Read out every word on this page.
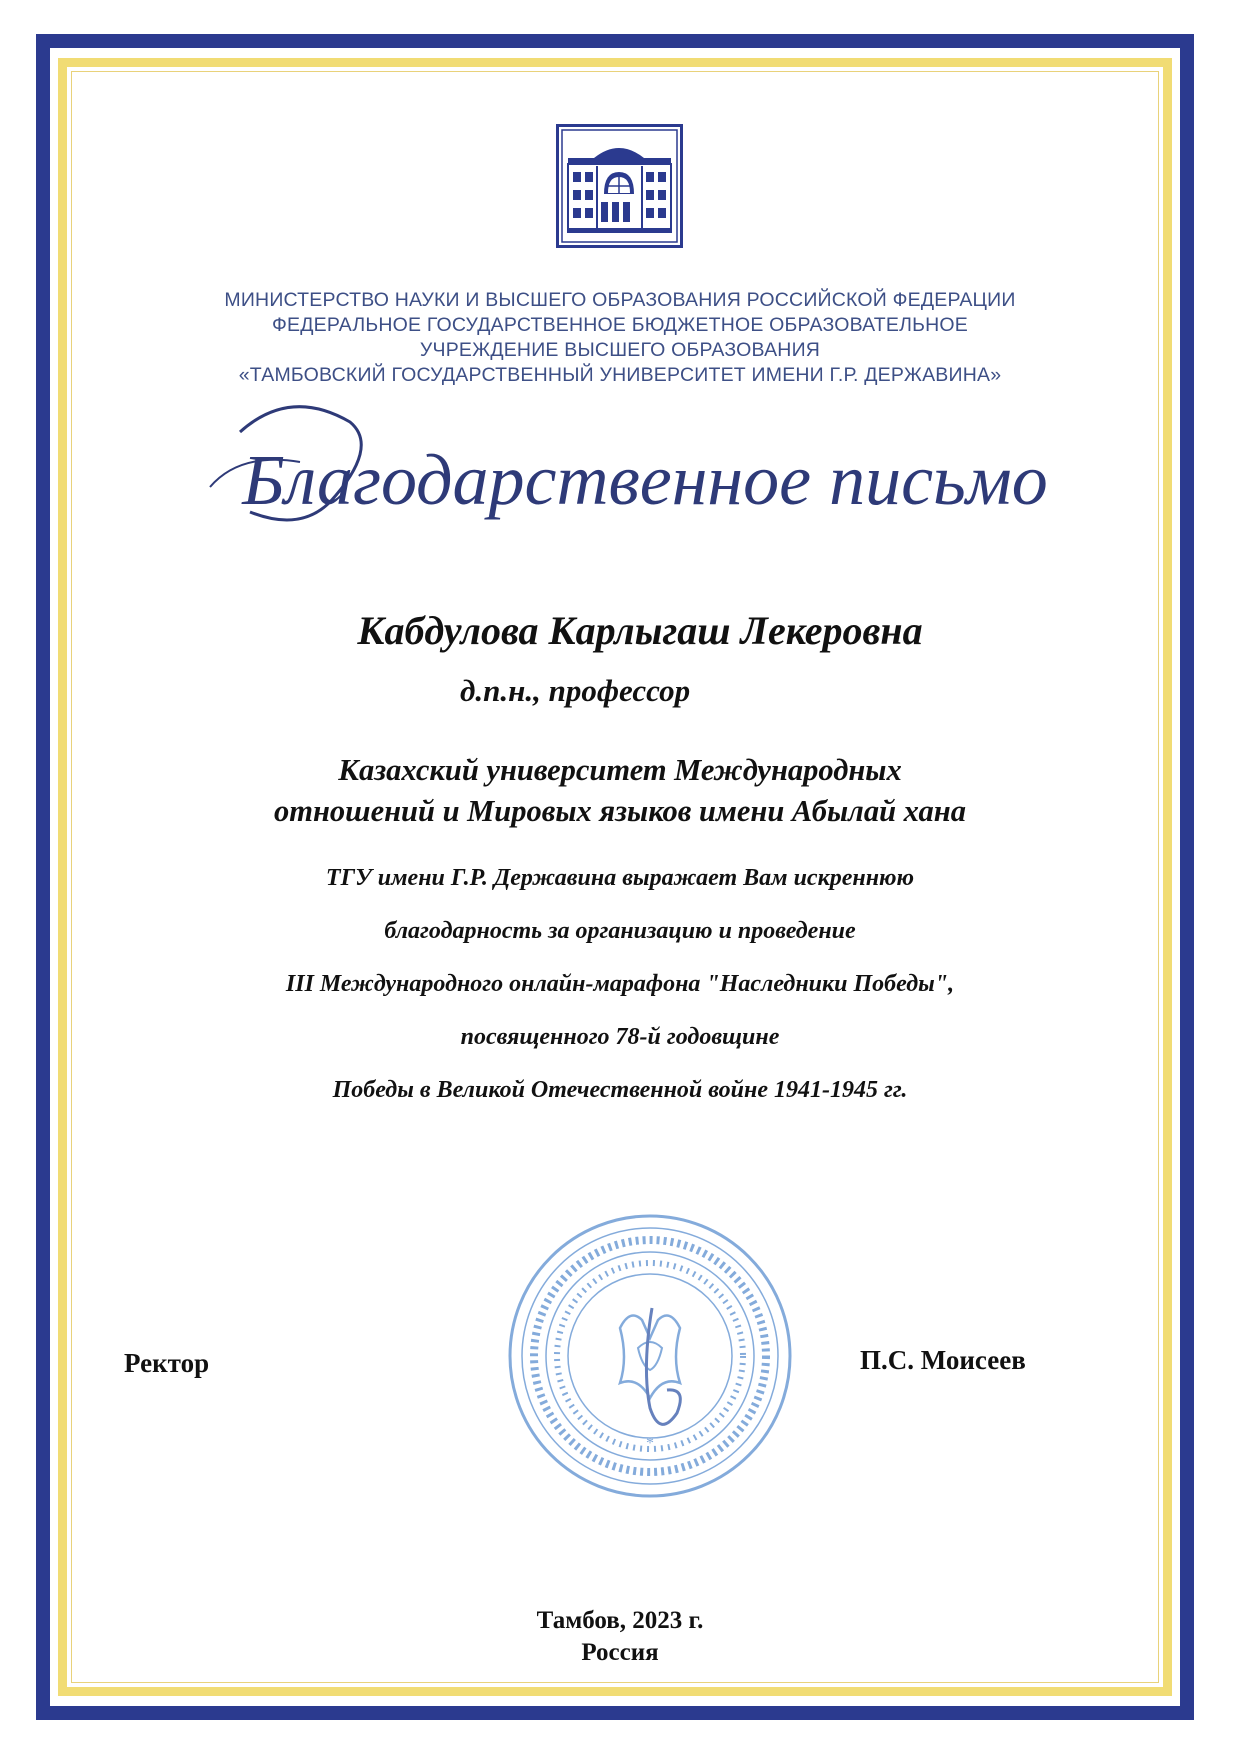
МИНИСТЕРСТВО НАУКИ И ВЫСШЕГО ОБРАЗОВАНИЯ РОССИЙСКОЙ ФЕДЕРАЦИИ
ФЕДЕРАЛЬНОЕ ГОСУДАРСТВЕННОЕ БЮДЖЕТНОЕ ОБРАЗОВАТЕЛЬНОЕ
УЧРЕЖДЕНИЕ ВЫСШЕГО ОБРАЗОВАНИЯ
«ТАМБОВСКИЙ ГОСУДАРСТВЕННЫЙ УНИВЕРСИТЕТ ИМЕНИ Г.Р. ДЕРЖАВИНА»
Благодарственное письмо
Кабдулова Карлыгаш Лекеровна
д.п.н., профессор
Казахский университет Международных
отношений и Мировых языков имени Абылай хана
ТГУ имени Г.Р. Державина выражает Вам искреннюю
благодарность за организацию и проведение
III Международного онлайн-марафона "Наследники Победы",
посвященного 78-й годовщине
Победы в Великой Отечественной войне 1941-1945 гг.
*
Ректор	П.С. Моисеев
Тамбов, 2023 г.
Россия
